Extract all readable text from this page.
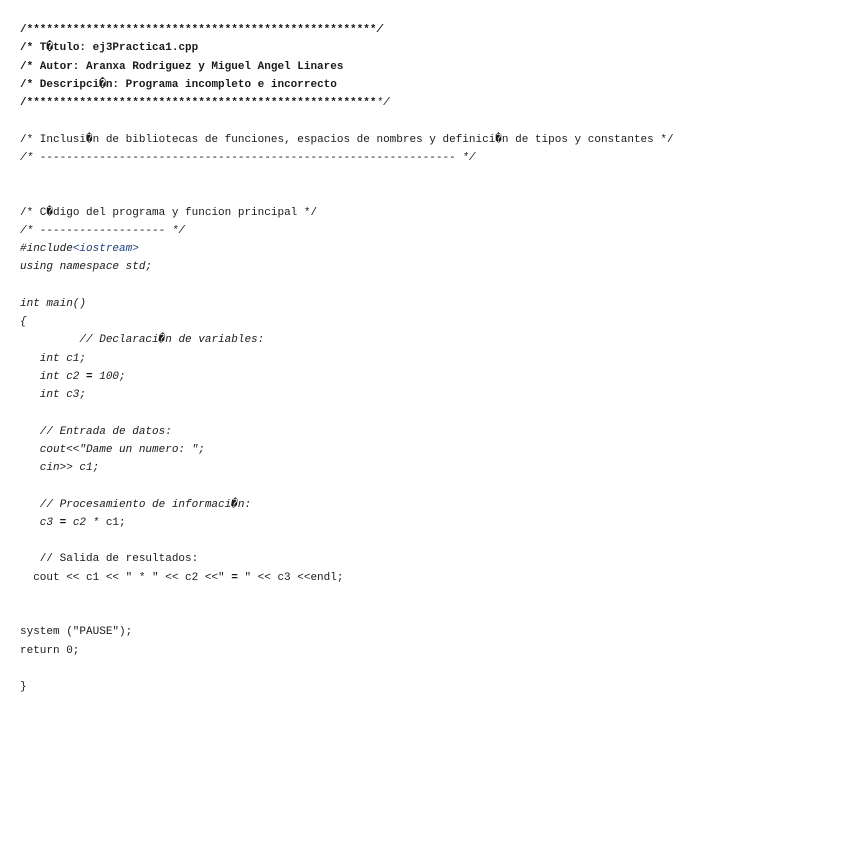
/*****************************************************/
/* T�tulo: ej3Practica1.cpp
/* Autor: Aranxa Rodriguez y Miguel Angel Linares
/* Descripci�n: Programa incompleto e incorrecto
/******************************************************/
/* Inclusi�n de bibliotecas de funciones, espacios de nombres y definici�n de tipos y constantes */
/* --------------------------------------------------------------- */
/* C�digo del programa y funcion principal */
/* ------------------- */
#include<iostream>
using namespace std;
int main()
{
// Declaraci�n de variables:
int c1;
int c2 = 100;
int c3;
// Entrada de datos:
cout<<"Dame un numero: ";
cin>> c1;
// Procesamiento de informaci�n:
c3 = c2 * c1;
// Salida de resultados:
cout << c1 << " * " << c2 <<" = " << c3 <<endl;
system ("PAUSE");
return 0;
}
